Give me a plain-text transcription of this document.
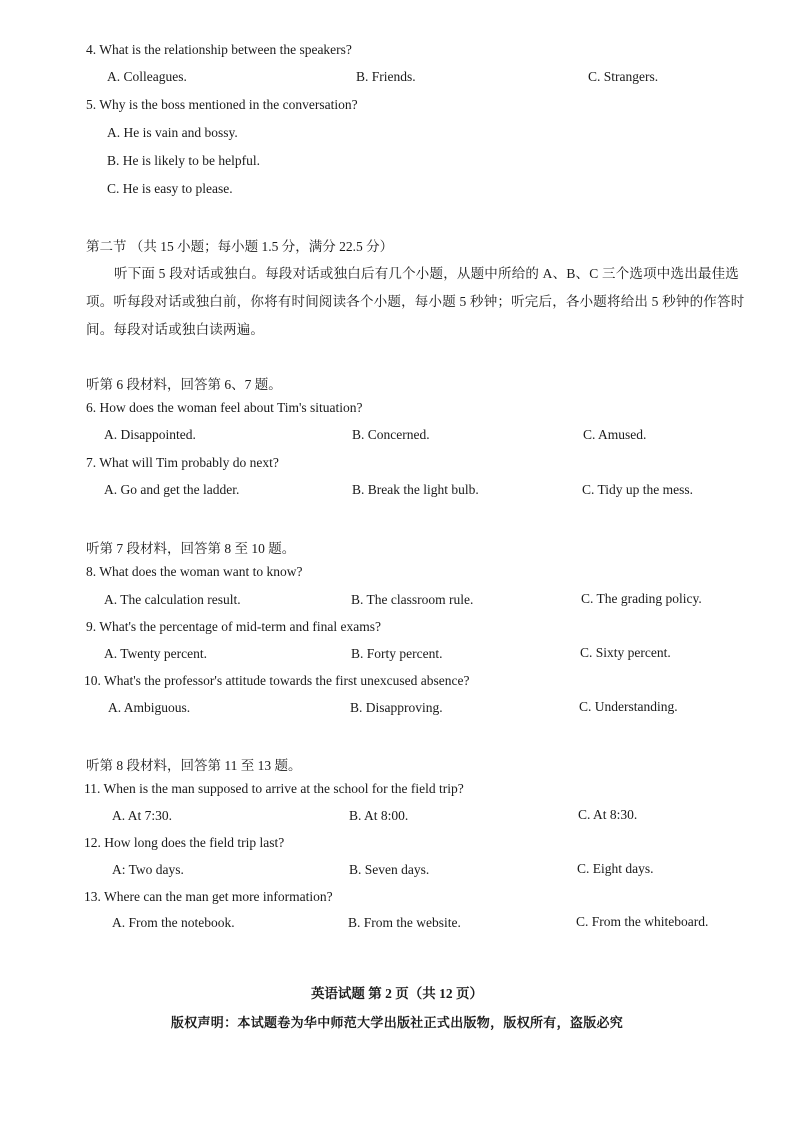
4. What is the relationship between the speakers?
A. Colleagues.	B. Friends.	C. Strangers.
5. Why is the boss mentioned in the conversation?
A. He is vain and bossy.
B. He is likely to be helpful.
C. He is easy to please.
第二节 （共 15 小题；每小题 1.5 分，满分 22.5 分）
听下面 5 段对话或独白。每段对话或独白后有几个小题，从题中所给的 A、B、C 三个选项中选出最佳选
项。听每段对话或独白前，你将有时间阅读各个小题，每小题 5 秒钟；听完后，各小题将给出 5 秒钟的作答时
间。每段对话或独白读两遍。
听第 6 段材料，回答第 6、7 题。
6. How does the woman feel about Tim's situation?
A. Disappointed.	B. Concerned.	C. Amused.
7. What will Tim probably do next?
A. Go and get the ladder.	B. Break the light bulb.	C. Tidy up the mess.
听第 7 段材料，回答第 8 至 10 题。
8. What does the woman want to know?
A. The calculation result.	B. The classroom rule.	C. The grading policy.
9. What's the percentage of mid-term and final exams?
A. Twenty percent.	B. Forty percent.	C. Sixty percent.
10. What's the professor's attitude towards the first unexcused absence?
A. Ambiguous.	B. Disapproving.	C. Understanding.
听第 8 段材料，回答第 11 至 13 题。
11. When is the man supposed to arrive at the school for the field trip?
A. At 7:30.	B. At 8:00.	C. At 8:30.
12. How long does the field trip last?
A: Two days.	B. Seven days.	C. Eight days.
13. Where can the man get more information?
A. From the notebook.	B. From the website.	C. From the whiteboard.
英语试题 第 2 页（共 12 页）
版权声明：本试题卷为华中师范大学出版社正式出版物，版权所有，盗版必究
